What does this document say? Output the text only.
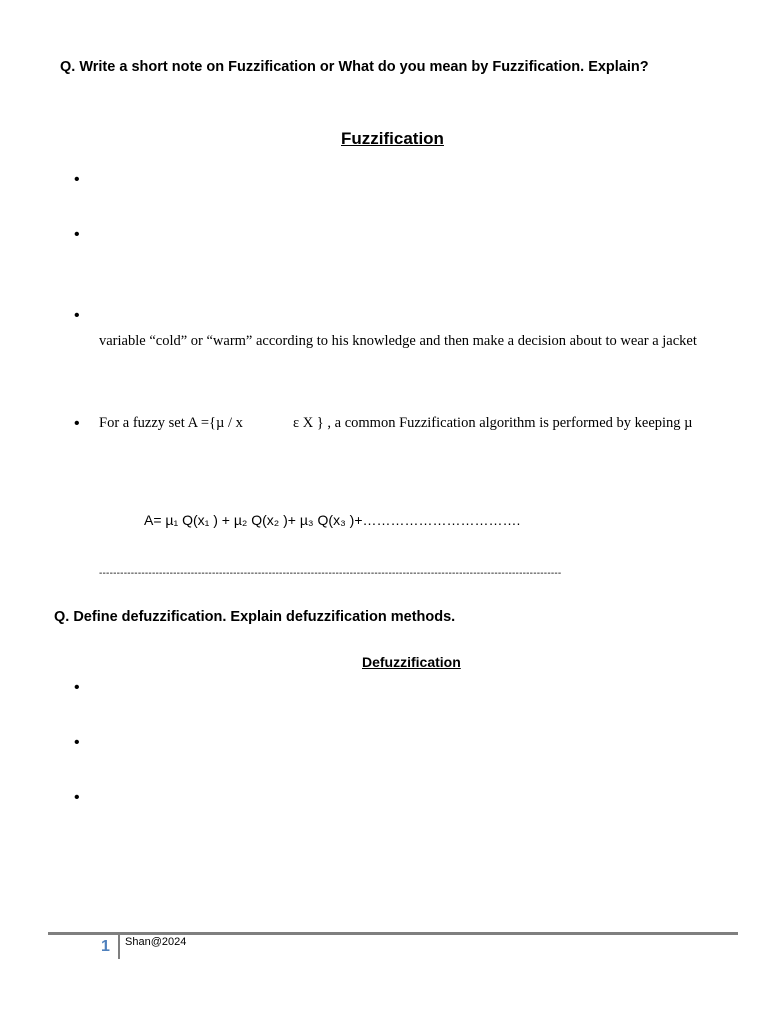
Q. Write a short note on Fuzzification or What do you mean by Fuzzification. Explain?
Fuzzification
•
•
•
variable “cold” or “warm” according to his knowledge and then make a decision about to wear a jacket
• For a fuzzy set A ={µ / x	ε X } , a common Fuzzification algorithm is performed by keeping µ
A= µ₁ Q(x₁ ) + µ₂ Q(x₂ )+ µ₃ Q(x₃ )+…………………………….
-----------------------------------------------------------------------------------------------------------------------------------
Q. Define defuzzification. Explain defuzzification methods.
Defuzzification
•
•
•
1 Shan@2024
